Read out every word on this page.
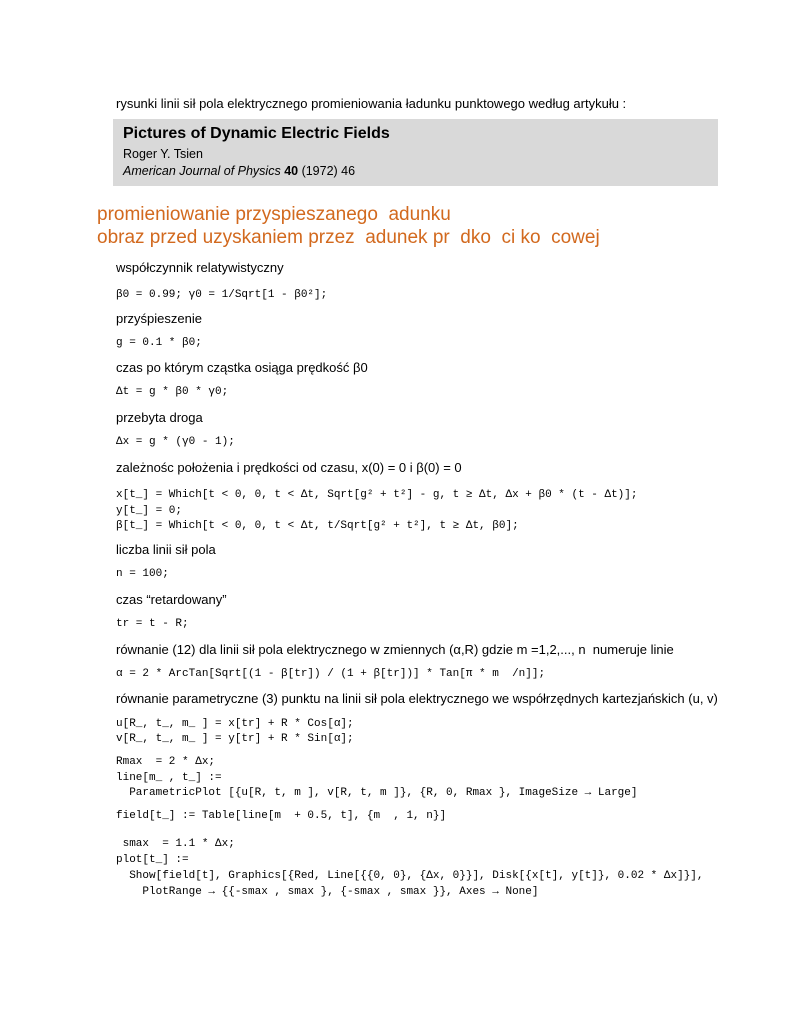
rysunki linii sił pola elektrycznego promieniowania ładunku punktowego według artykułu :
Pictures of Dynamic Electric Fields
Roger Y. Tsien
American Journal of Physics 40 (1972) 46
promieniowanie przyspieszanego  adunku
obraz przed uzyskaniem przez  adunek pr  dko  ci ko  cowej
współczynnik relatywistyczny
β0 = 0.99; γ0 = 1/Sqrt[1 - β0²];
przyśpieszenie
g = 0.1 * β0;
czas po którym cząstka osiąga prędkość β0
Δt = g * β0 * γ0;
przebyta droga
Δx = g * (γ0 - 1);
zależnośc położenia i prędkości od czasu, x(0) = 0 i β(0) = 0
x[t_] = Which[t < 0, 0, t < Δt, Sqrt[g² + t²] - g, t ≥ Δt, Δx + β0 * (t - Δt)];
y[t_] = 0;
β[t_] = Which[t < 0, 0, t < Δt, t/Sqrt[g² + t²], t ≥ Δt, β0];
liczba linii sił pola
n = 100;
czas “retardowany”
tr = t - R;
równanie (12) dla linii sił pola elektrycznego w zmiennych (α,R) gdzie m =1,2,..., n  numeruje linie
α = 2 * ArcTan[Sqrt[(1 - β[tr]) / (1 + β[tr])] * Tan[π * m  /n]];
równanie parametryczne (3) punktu na linii sił pola elektrycznego we współrzędnych kartezjańskich (u, v)
u[R_, t_, m_ ] = x[tr] + R * Cos[α];
v[R_, t_, m_ ] = y[tr] + R * Sin[α];
Rmax  = 2 * Δx;
line[m_ , t_] :=
ParametricPlot [{u[R, t, m ], v[R, t, m ]}, {R, 0, Rmax }, ImageSize → Large]
field[t_] := Table[line[m  + 0.5, t], {m  , 1, n}]
smax  = 1.1 * Δx;
plot[t_] :=
Show[field[t], Graphics[{Red, Line[{{0, 0}, {Δx, 0}}], Disk[{x[t], y[t]}, 0.02 * Δx]}],
PlotRange → {{-smax , smax }, {-smax , smax }}, Axes → None]
